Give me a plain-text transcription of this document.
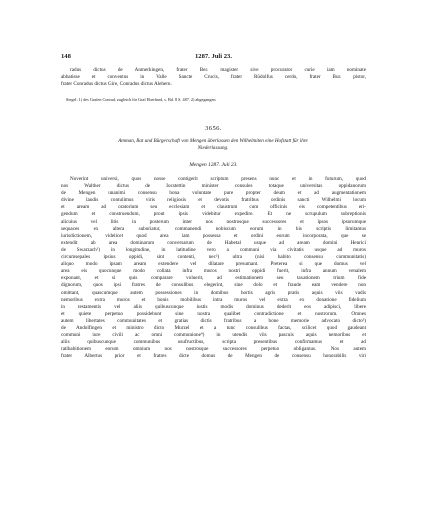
148	1287. Juli 23.
radus dictus de Anmerkingen, frater Ber. magister sive procurator curie iam nominate
abbatisse et conventus in Valle Sancte Crucis, frater Rūdolfus cerdo, frater Bur. pistor,
frater Conradus dictus Gire, Conradus dictus Alehern.
Siegel: 1) des Grafen Conrad, zugleich für Graf Eberhard, s. Bd. 8 S. 487. 2) abgegangen.
3656.

Amman, Rat und Bürgerschaft von Mengen überlassen den Wilhelmiten eine Hofstatt für ihre

Niederlassung.

Mengen 1287. Juli 23.
Noverint universi, quos nosse contigerit scriptum presens nunc et in futurum, quod
nos Walther dictus de Iocstettin minister consules totaque universitas oppidanorum
de Mengen unanimi consensu bona voluntate pure propter deum et ad augmentationem
divine laudis contulimus viris religiosis et devotis fratribus ordinis sancti Wilhelmi locum
et aream ad oratorium seu ecclesiam et claustrum cum officinis eis competentibus eri-
gendum et construendum, prout ipsis videbitur expedire. Et ne scrupulum subreptionis
alicuius vel litis in posterum inter nos nostrosque successores et ipsos ipsorumque
sequaces ex altera suboriatur, commanendi nobiscum eorum in his scriptis limitamus
iurisdictionem, videlicet quod area iam possessa et ordini eorum incorporata, que se
extendit ab area dominarum conversarum de Habetal usque ad aream domini Henrici
de Swarzach¹) in longitudine, in latitudine vero a communi via civitatis usque ad muros
circumsepales ipsius oppidi, sint contenti, nec²) ultra (nisi habito consensu communitatis)
aliquo modo ipsam aream extendere vel dilatare presumant. Preterea si que domus vel
area eis quocunque modo collata infra muros nostri oppidi fuerit, infra annum venalem
exponant, et si quis comparare voluerit, ad estimationem seu taxationem trium fide
dignorum, quos ipsi fratres de consulibus elegerint, sine dolo et fraude eam vendere non
omittant, quascumque autem possessiones in domibus hortis agris pratis aquis viis vadis
nemoribus extra muros et bonis mobilibus intra muros vel extra ex donatione fidelium
in testamentis vel aliis quibuscunque iustis modis dominus dederit eos adipisci, libere
et quiete perpetuo possidebunt sine nostra qualibet contradictione et nostrorum. Omnes
autem libertates communitates et gratias dictis fratribus a bone memorie advocato dicto³)
de Andolfingen et ministro dicto Murzel et a tunc consulibus factas, scilicet quod gaudeant
communi iure civili ac omni communione⁴) in utendis viis pascuis aquis nemoribus et
aliis quibuscunque communibus usufructibus, scripta presentibus confirmamus et ad
ratihabitionem eorum omnium nos nostrosque successores perpetuo obligamus. Nos autem
frater Albertus prior et fratres dicte domus de Mengen de consensu honorabilis viri
